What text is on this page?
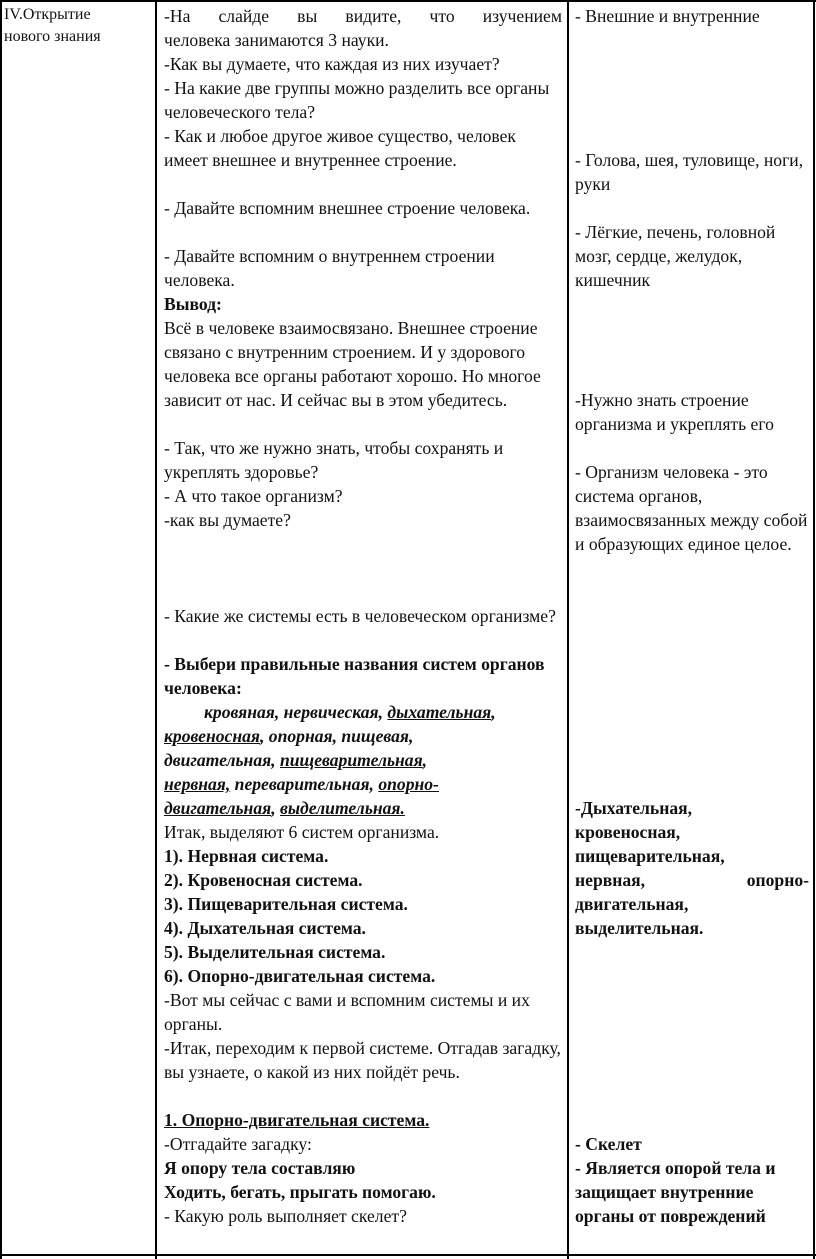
IV.Открытие нового знания

-На слайде вы видите, что изучением

человека занимаются 3 науки.

-Как вы думаете, что каждая из них изучает?

- На какие две группы можно разделить все органы человеческого тела?

- Как и любое другое живое существо, человек имеет внешнее и внутреннее строение.

- Давайте вспомним внешнее строение человека.

- Давайте вспомним о внутреннем строении человека.

Вывод:

Всё в человеке взаимосвязано. Внешнее строение связано с внутренним строением. И у здорового человека все органы работают хорошо. Но многое зависит от нас. И сейчас вы в этом убедитесь.

- Так, что же нужно знать, чтобы сохранять и укреплять здоровье?

- А что такое организм?

-как вы думаете?

- Какие же системы есть в человеческом организме?

- Выбери правильные названия систем органов человека:

кровяная, нервическая, дыхательная,
кровеносная, опорная, пищевая,
двигательная, пищеварительная,
нервная, переварительная, опорно-
двигательная, выделительная.

Итак, выделяют 6 систем организма.

1). Нервная система.

2). Кровеносная система.

3). Пищеварительная система.

4). Дыхательная система.

5). Выделительная система.

6). Опорно-двигательная система.

-Вот мы сейчас с вами и вспомним системы и их органы.

-Итак, переходим к первой системе. Отгадав загадку, вы узнаете, о какой из них пойдёт речь.

1. Опорно-двигательная система.

-Отгадайте загадку:

Я опору тела составляю

Ходить, бегать, прыгать помогаю.

- Какую роль выполняет скелет?

- Внешние и внутренние

- Голова, шея, туловище, ноги, руки

- Лёгкие, печень, головной мозг, сердце, желудок, кишечник

-Нужно знать строение организма и укреплять его

- Организм человека - это система органов, взаимосвязанных между собой и образующих единое целое.

-Дыхательная,

кровеносная,

пищеварительная,

нервная,	опорно-

двигательная,

выделительная.

- Скелет

- Является опорой тела и защищает внутренние органы от повреждений
